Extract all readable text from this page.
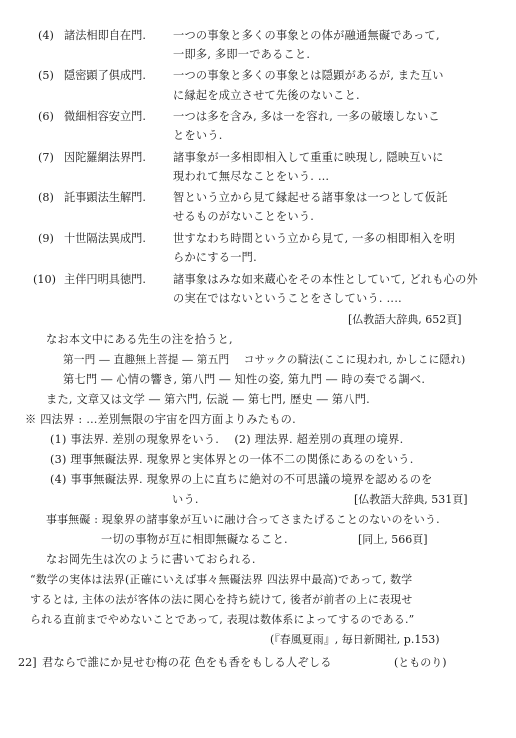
(4) 諸法相即自在門. 一つの事象と多くの事象との体が融通無礙であって,
一即多, 多即一であること.
(5) 隠密顕了俱成門. 一つの事象と多くの事象とは隠顕があるが, また互い
に縁起を成立させて先後のないこと.
(6) 微細相容安立門. 一つは多を含み, 多は一を容れ, 一多の破壊しないこ
とをいう.
(7) 因陀羅網法界門. 諸事象が一多相即相入して重重に映現し, 隠映互いに
現われて無尽なことをいう. …
(8) 託事顕法生解門. 智という立から見て縁起せる諸事象は一つとして仮託
せるものがないことをいう.
(9) 十世隔法異成門. 世すなわち時間という立から見て, 一多の相即相入を明
らかにする一門.
(10) 主伴円明具徳門. 諸事象はみな如来蔵心をその本性としていて, どれも心の外
の実在ではないということをさしていう. ‥‥
[仏教語大辞典, 652頁]
なお本文中にある先生の注を拾うと,
第一門 ― 直趣無上菩提 ― 第五門　 コサックの騎法(ここに現われ, かしこに隠れ)
第七門 ― 心情の響き, 第八門 ― 知性の姿, 第九門 ― 時の奏でる調べ.
また, 文章又は文学 ― 第六門, 伝説 ― 第七門, 歴史 ― 第八門.
※ 四法界 : …差別無限の宇宙を四方面よりみたもの.
(1) 事法界. 差別の現象界をいう.　 (2) 理法界. 超差別の真理の境界.
(3) 理事無礙法界. 現象界と実体界との一体不二の関係にあるのをいう.
(4) 事事無礙法界. 現象界の上に直ちに絶対の不可思議の境界を認めるのを
いう.	[仏教語大辞典, 531頁]
事事無礙 : 現象界の諸事象が互いに融け合ってさまたげることのないのをいう.
一切の事物が互に相即無礙なること.	[同上, 566頁]
なお岡先生は次のように書いておられる.
“数学の実体は法界(正確にいえば事々無礙法界 四法界中最高)であって, 数学
するとは, 主体の法が客体の法に関心を持ち続けて, 後者が前者の上に表現せ
られる直前までやめないことであって, 表現は数体系によってするのである.”
(『春風夏雨』, 毎日新聞社, p.153)
22] 君ならで誰にか見せむ梅の花 色をも香をもしる人ぞしる	(とものり)
